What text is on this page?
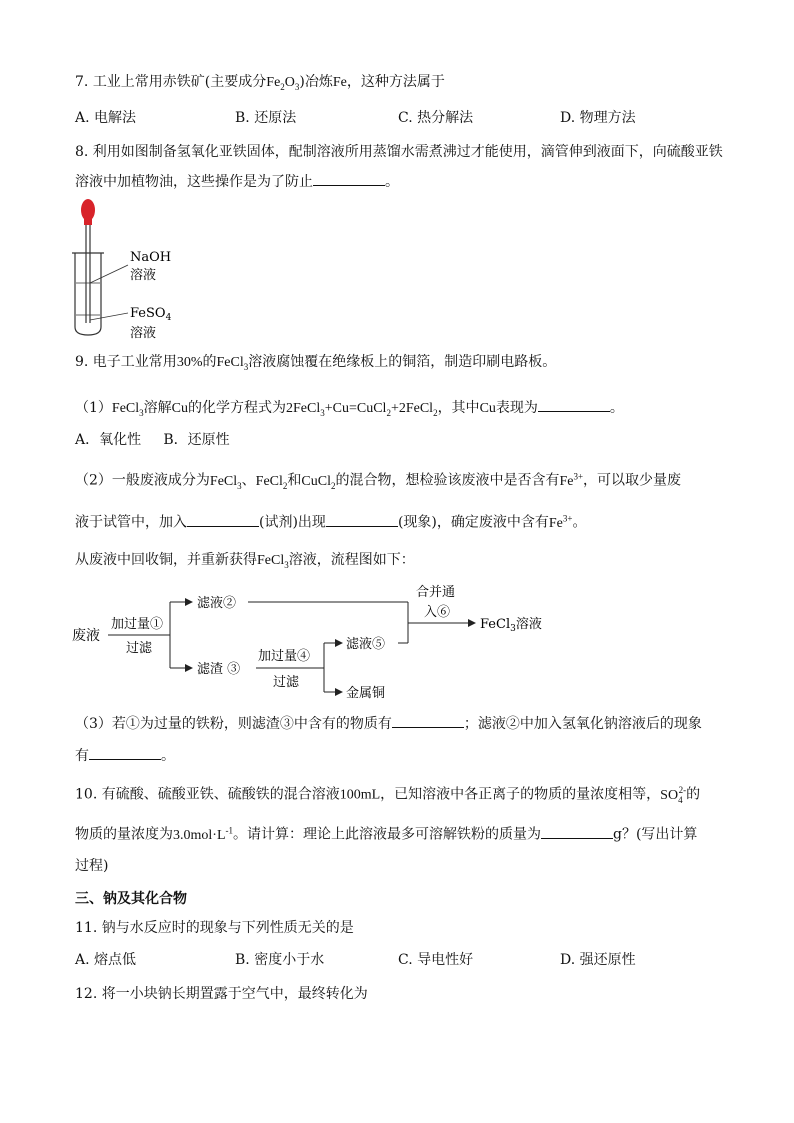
7. 工业上常用赤铁矿(主要成分$Fe_2O_3$)冶炼Fe，这种方法属于
A. 电解法	B. 还原法	C. 热分解法	D. 物理方法
8. 利用如图制备氢氧化亚铁固体，配制溶液所用蒸馏水需煮沸过才能使用，滴管伸到液面下，向硫酸亚铁
溶液中加植物油，这些操作是为了防止	。
NaOH
溶液
FeSO$_4$
溶液
9. 电子工业常用30%的FeCl$_3$溶液腐蚀覆在绝缘板上的铜箔，制造印刷电路板。
（1）FeCl$_3$溶解Cu的化学方程式为2FeCl$_3$+Cu=CuCl$_2$+2FeCl$_2$，其中Cu表现为	。
A．氧化性     B．还原性
（2）一般废液成分为FeCl$_3$、FeCl$_2$和CuCl$_2$的混合物，想检验该废液中是否含有$Fe^{3+}$，可以取少量废
液于试管中，加入	(试剂)出现	(现象)，确定废液中含有$Fe^{3+}$。
从废液中回收铜，并重新获得FeCl$_3$溶液，流程图如下：
废液
加过量①
过滤
滤液②
滤渣 ③
合并通
入⑥
FeCl$_3$溶液
加过量④
过滤
滤液⑤
金属铜
（3）若①为过量的铁粉，则滤渣③中含有的物质有	；滤液②中加入氢氧化钠溶液后的现象
有	。
10. 有硫酸、硫酸亚铁、硫酸铁的混合溶液100mL，已知溶液中各正离子的物质的量浓度相等，$SO_4^{2-}$的
物质的量浓度为$3.0mol\cdot L^{-1}$。请计算：理论上此溶液最多可溶解铁粉的质量为	g？(写出计算
过程)
三、钠及其化合物
11. 钠与水反应时的现象与下列性质无关的是
A. 熔点低	B. 密度小于水	C. 导电性好	D. 强还原性
12. 将一小块钠长期置露于空气中，最终转化为
